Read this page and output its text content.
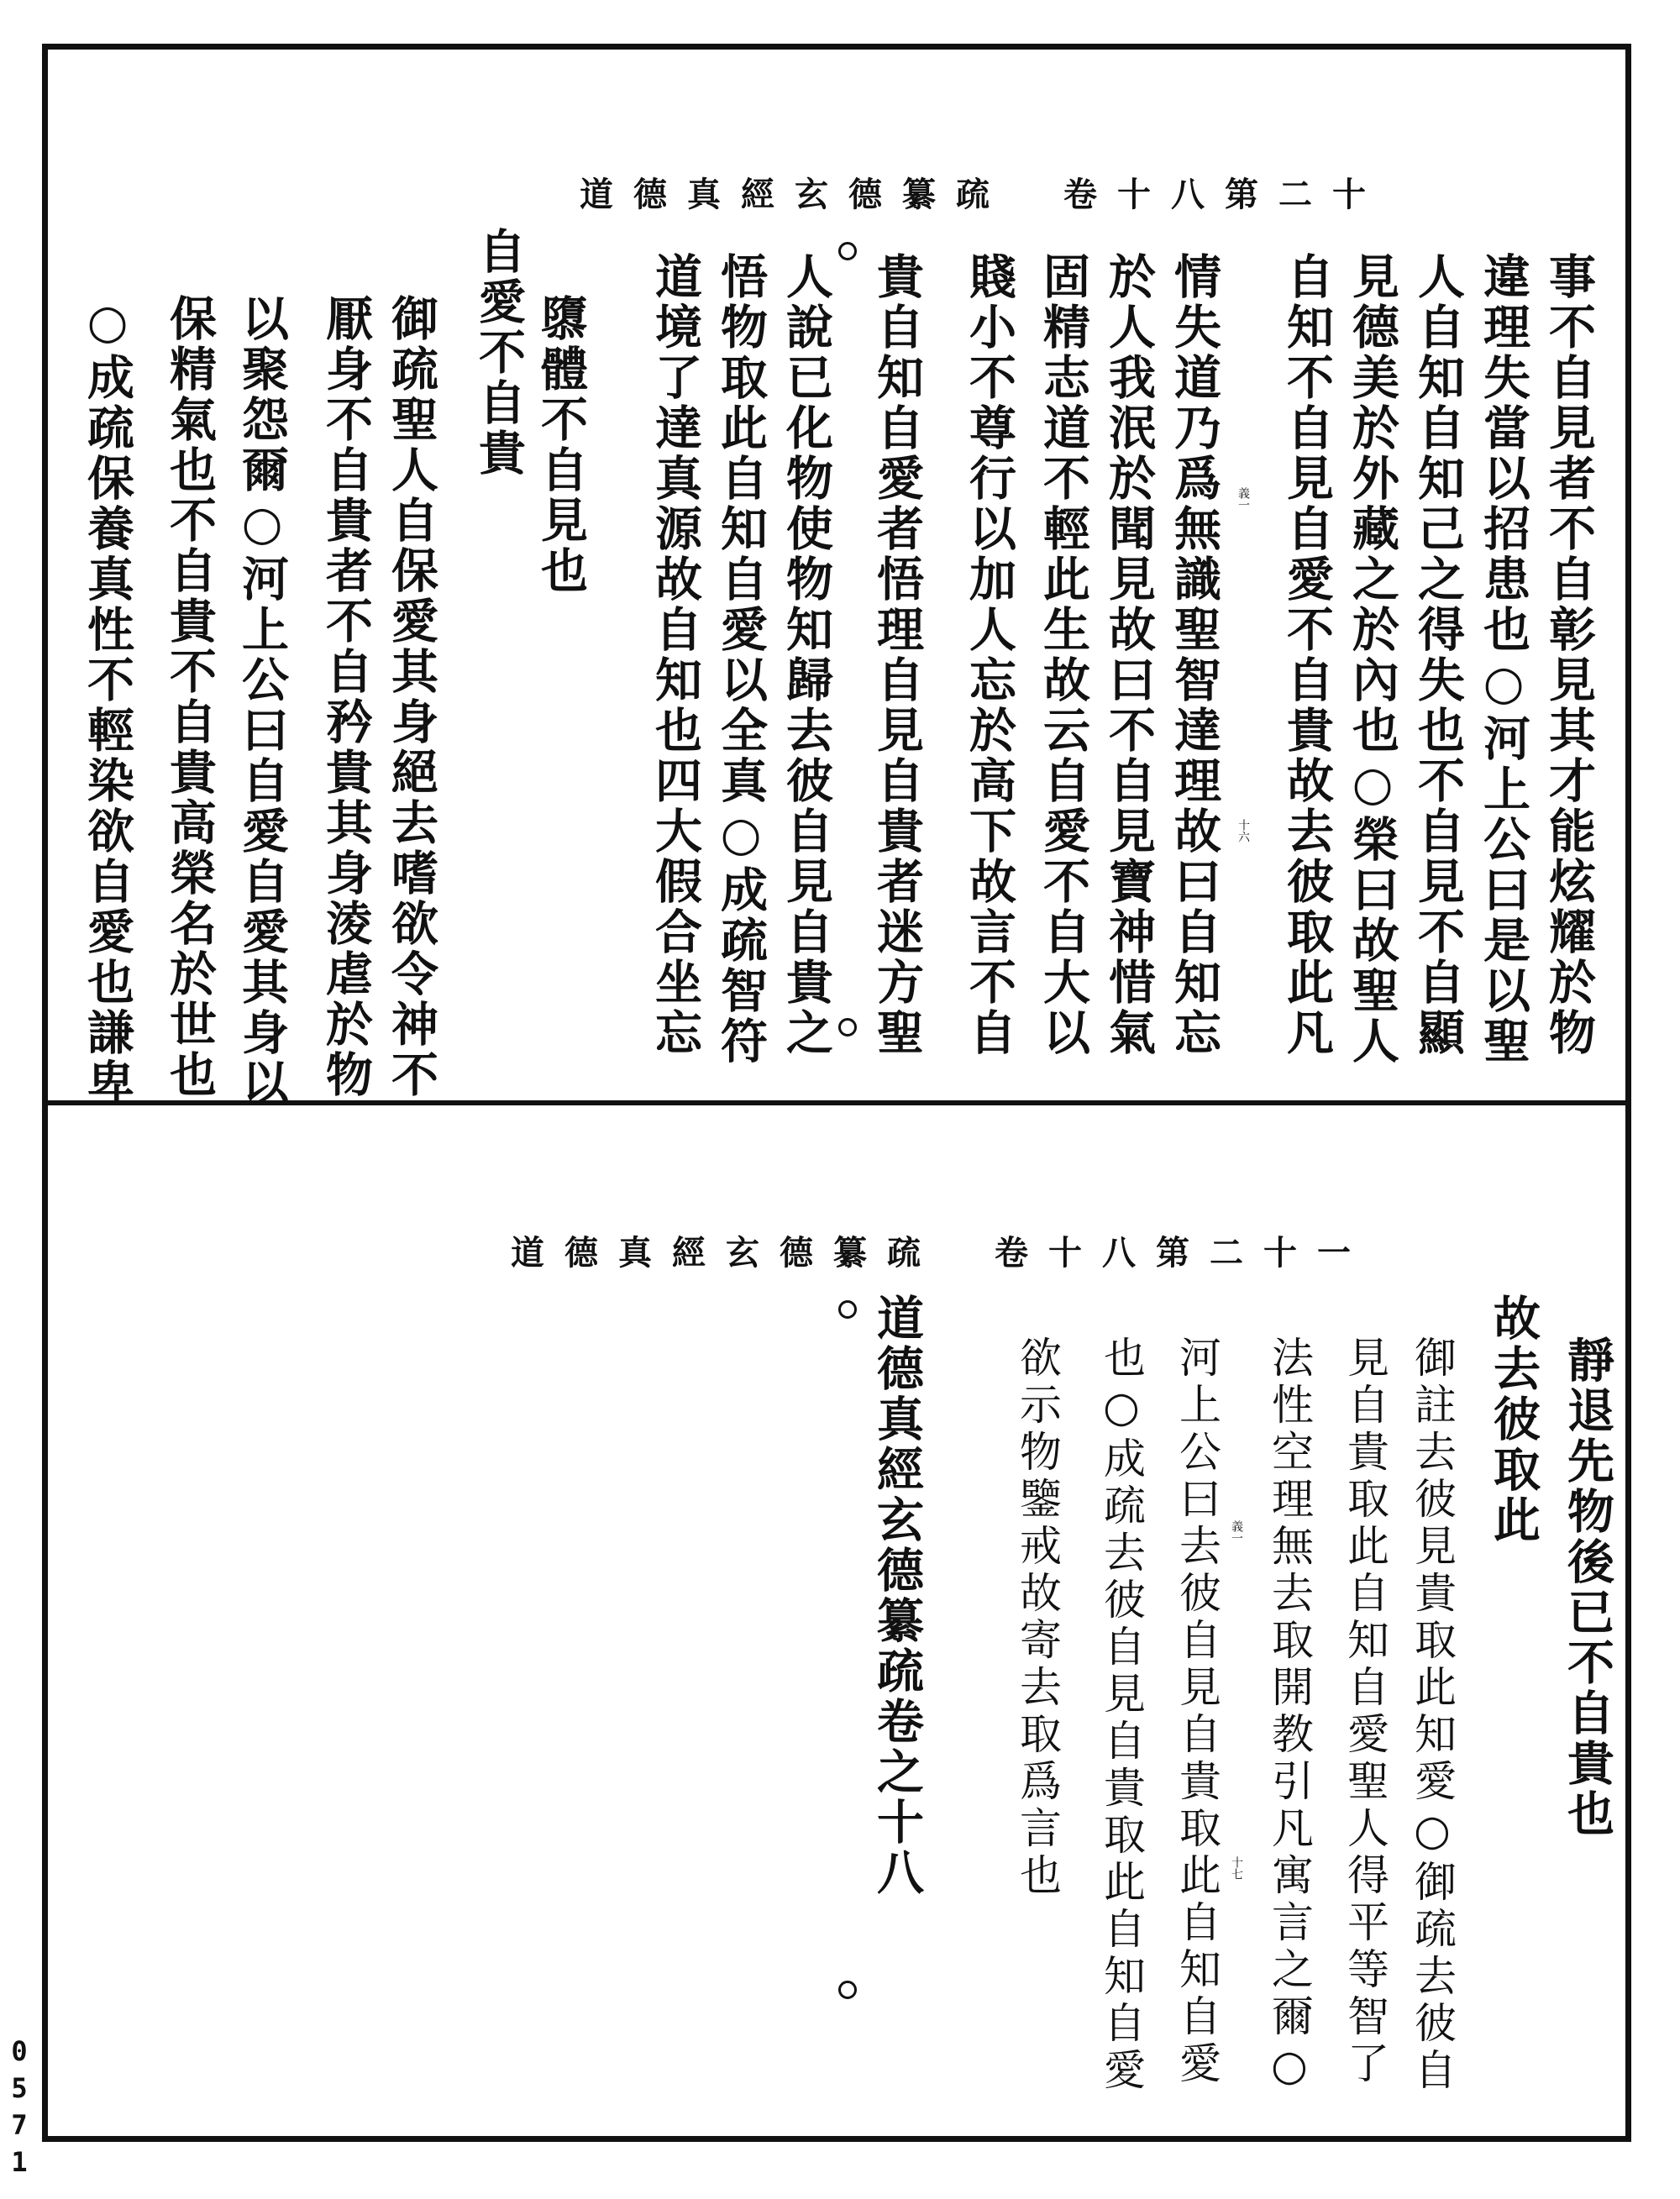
道德真經玄德纂疏　卷十八第二十
事不自見者不自彰見其才能炫耀於物
違理失當以招患也○河上公曰是以聖
人自知自知己之得失也不自見不自顯
見德美於外藏之於內也○榮曰故聖人
自知不自見自愛不自貴故去彼取此凡
情失道乃爲無識聖智達理故曰自知忘
於人我泯於聞見故曰不自見寶神惜氣
固精志道不輕此生故云自愛不自大以
賤小不尊行以加人忘於高下故言不自
貴自知自愛者悟理自見自貴者迷方聖
人說已化物使物知歸去彼自見自貴之
悟物取此自知自愛以全真○成疏智符
道境了達真源故自知也四大假合坐忘
隳體不自見也
自愛不自貴
御疏聖人自保愛其身絕去嗜欲令神不
厭身不自貴者不自矜貴其身淩虐於物
以聚怨爾○河上公曰自愛自愛其身以
保精氣也不自貴不自貴高榮名於世也
○成疏保養真性不輕染欲自愛也謙卑	義一
十六
道德真經玄德纂疏　卷十八第二十一
靜退先物後已不自貴也
故去彼取此
御註去彼見貴取此知愛○御疏去彼自
見自貴取此自知自愛聖人得平等智了
法性空理無去取開教引凡寓言之爾○
河上公曰去彼自見自貴取此自知自愛
也○成疏去彼自見自貴取此自知自愛
欲示物鑒戒故寄去取爲言也
道德真經玄德纂疏卷之十八	義一
十七
0
5
7
1
